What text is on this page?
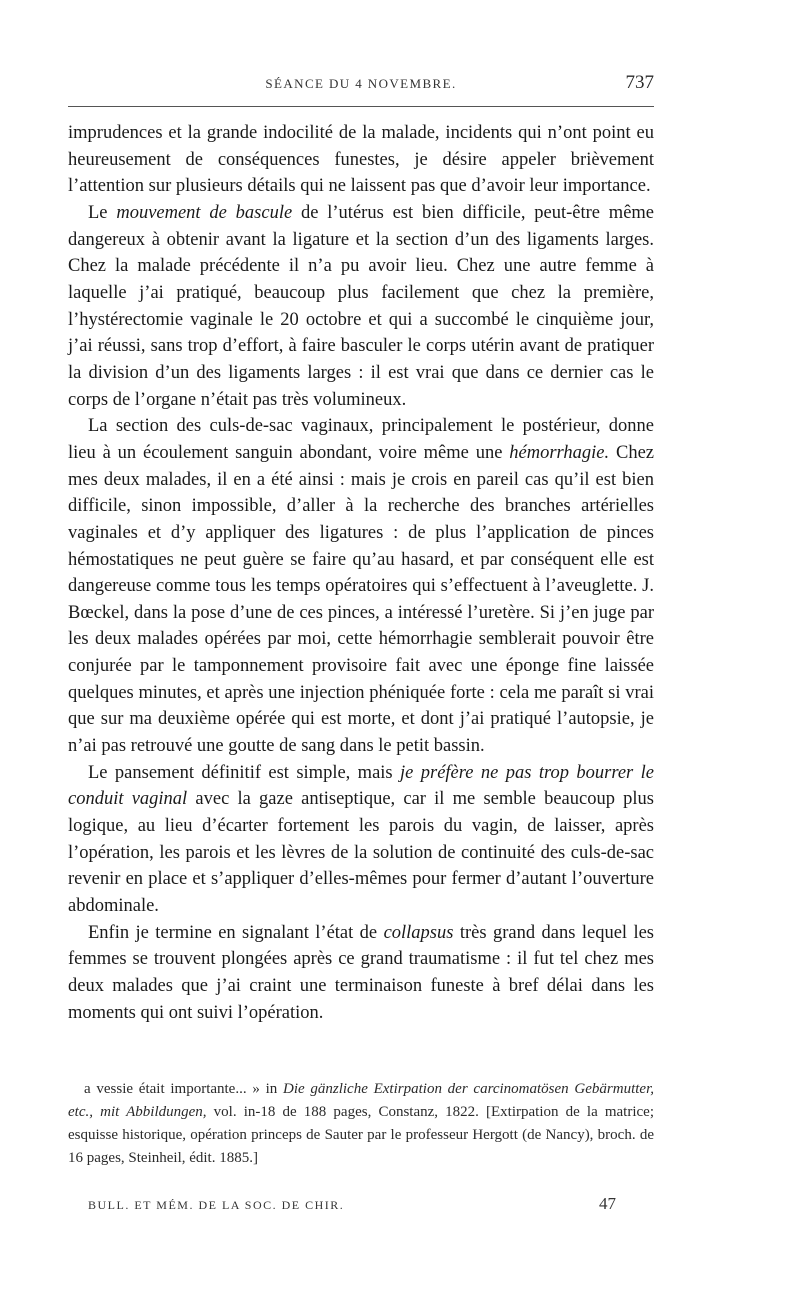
SÉANCE DU 4 NOVEMBRE.	737

imprudences et la grande indocilité de la malade, incidents qui n’ont point eu heureusement de conséquences funestes, je désire appeler brièvement l’attention sur plusieurs détails qui ne laissent pas que d’avoir leur importance.

Le mouvement de bascule de l’utérus est bien difficile, peut-être même dangereux à obtenir avant la ligature et la section d’un des ligaments larges. Chez la malade précédente il n’a pu avoir lieu. Chez une autre femme à laquelle j’ai pratiqué, beaucoup plus facilement que chez la première, l’hystérectomie vaginale le 20 octobre et qui a succombé le cinquième jour, j’ai réussi, sans trop d’effort, à faire basculer le corps utérin avant de pratiquer la division d’un des ligaments larges : il est vrai que dans ce dernier cas le corps de l’organe n’était pas très volumineux.

La section des culs-de-sac vaginaux, principalement le postérieur, donne lieu à un écoulement sanguin abondant, voire même une hémorrhagie. Chez mes deux malades, il en a été ainsi : mais je crois en pareil cas qu’il est bien difficile, sinon impossible, d’aller à la recherche des branches artérielles vaginales et d’y appliquer des ligatures : de plus l’application de pinces hémostatiques ne peut guère se faire qu’au hasard, et par conséquent elle est dangereuse comme tous les temps opératoires qui s’effectuent à l’aveuglette. J. Bœckel, dans la pose d’une de ces pinces, a intéressé l’uretère. Si j’en juge par les deux malades opérées par moi, cette hémorrhagie semblerait pouvoir être conjurée par le tamponnement provisoire fait avec une éponge fine laissée quelques minutes, et après une injection phéniquée forte : cela me paraît si vrai que sur ma deuxième opérée qui est morte, et dont j’ai pratiqué l’autopsie, je n’ai pas retrouvé une goutte de sang dans le petit bassin.

Le pansement définitif est simple, mais je préfère ne pas trop bourrer le conduit vaginal avec la gaze antiseptique, car il me semble beaucoup plus logique, au lieu d’écarter fortement les parois du vagin, de laisser, après l’opération, les parois et les lèvres de la solution de continuité des culs-de-sac revenir en place et s’appliquer d’elles-mêmes pour fermer d’autant l’ouverture abdominale.

Enfin je termine en signalant l’état de collapsus très grand dans lequel les femmes se trouvent plongées après ce grand traumatisme : il fut tel chez mes deux malades que j’ai craint une terminaison funeste à bref délai dans les moments qui ont suivi l’opération.

a vessie était importante... » in Die gänzliche Extirpation der carcinomatösen Gebärmutter, etc., mit Abbildungen, vol. in-18 de 188 pages, Constanz, 1822. [Extirpation de la matrice; esquisse historique, opération princeps de Sauter par le professeur Hergott (de Nancy), broch. de 16 pages, Steinheil, édit. 1885.]
BULL. ET MÉM. DE LA SOC. DE CHIR.	47
